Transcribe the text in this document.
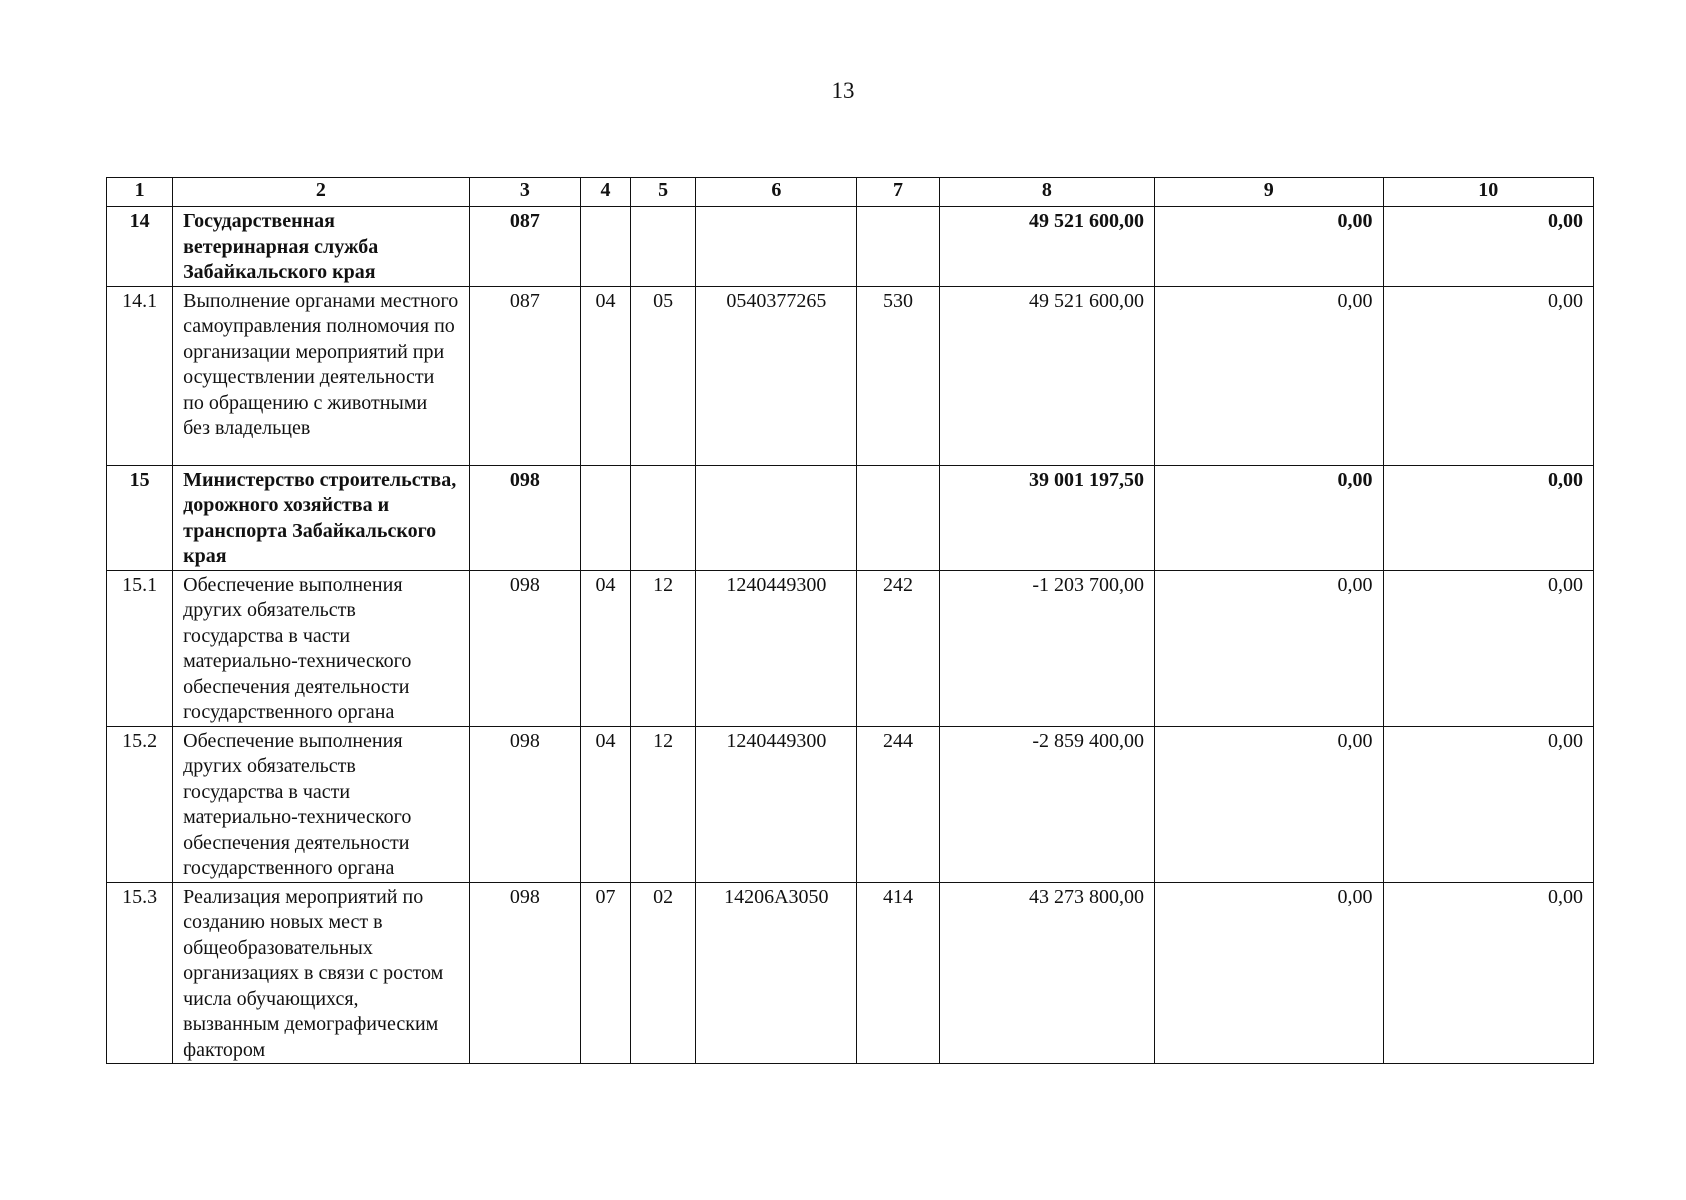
13
1	2	3	4	5	6	7	8	9	10
14	Государственная ветеринарная служба Забайкальского края	087					49 521 600,00	0,00	0,00
14.1	Выполнение органами местного самоуправления полномочия по организации мероприятий при осуществлении деятельности по обращению с животными без владельцев	087	04	05	0540377265	530	49 521 600,00	0,00	0,00
15	Министерство строительства, дорожного хозяйства и транспорта Забайкальского края	098					39 001 197,50	0,00	0,00
15.1	Обеспечение выполнения других обязательств государства в части материально-технического обеспечения деятельности государственного органа	098	04	12	1240449300	242	-1 203 700,00	0,00	0,00
15.2	Обеспечение выполнения других обязательств государства в части материально-технического обеспечения деятельности государственного органа	098	04	12	1240449300	244	-2 859 400,00	0,00	0,00
15.3	Реализация мероприятий по созданию новых мест в общеобразовательных организациях в связи с ростом числа обучающихся, вызванным демографическим фактором	098	07	02	14206A3050	414	43 273 800,00	0,00	0,00
